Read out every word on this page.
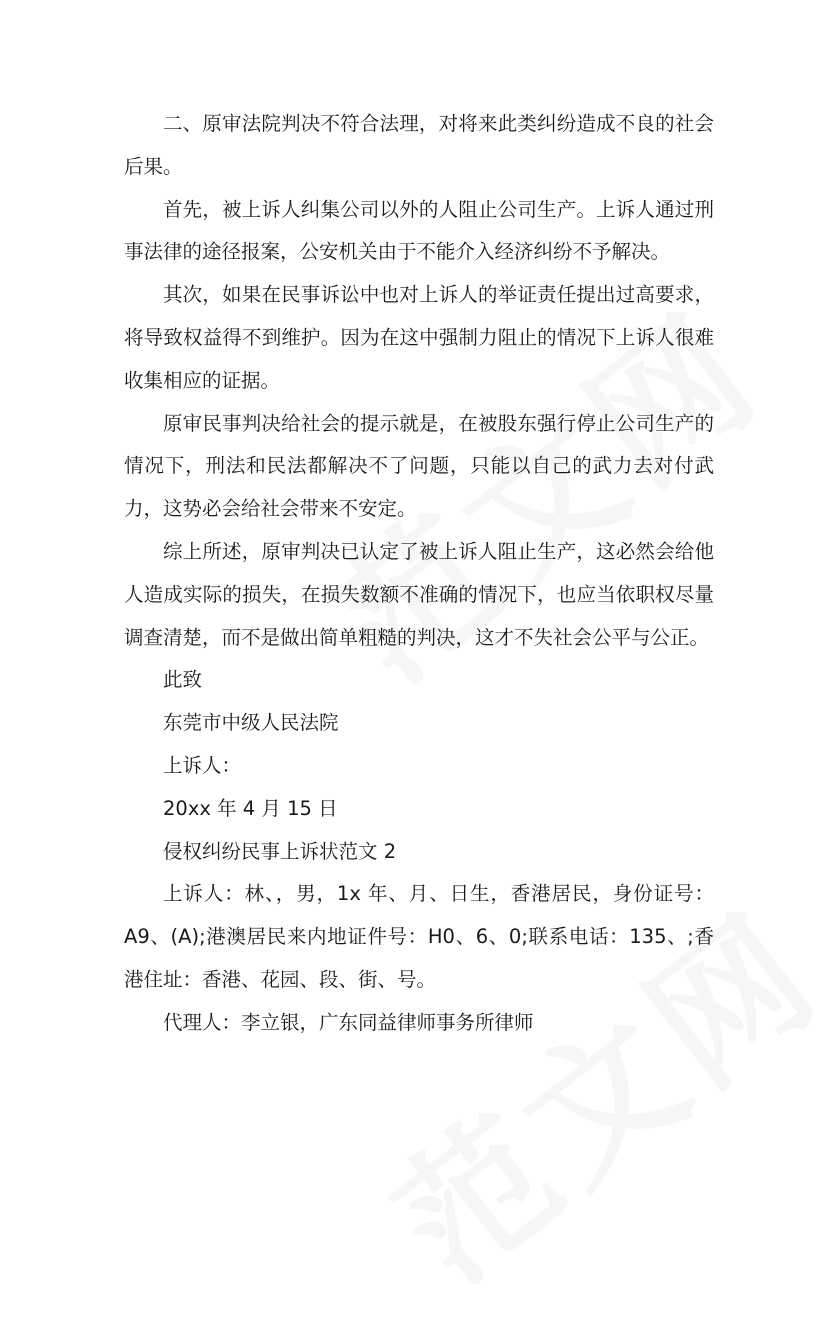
二、原审法院判决不符合法理，对将来此类纠纷造成不良的社会后果。

首先，被上诉人纠集公司以外的人阻止公司生产。上诉人通过刑事法律的途径报案，公安机关由于不能介入经济纠纷不予解决。

其次，如果在民事诉讼中也对上诉人的举证责任提出过高要求，将导致权益得不到维护。因为在这中强制力阻止的情况下上诉人很难收集相应的证据。

原审民事判决给社会的提示就是，在被股东强行停止公司生产的情况下，刑法和民法都解决不了问题，只能以自己的武力去对付武力，这势必会给社会带来不安定。

综上所述，原审判决已认定了被上诉人阻止生产，这必然会给他人造成实际的损失，在损失数额不准确的情况下，也应当依职权尽量调查清楚，而不是做出简单粗糙的判决，这才不失社会公平与公正。

此致

东莞市中级人民法院

上诉人：

20xx 年 4 月 15 日

侵权纠纷民事上诉状范文 2

上诉人：林、，男，1x 年、月、日生，香港居民，身份证号：A9、(A);港澳居民来内地证件号：H0、6、0;联系电话：135、;香港住址：香港、花园、段、街、号。

代理人：李立银，广东同益律师事务所律师
